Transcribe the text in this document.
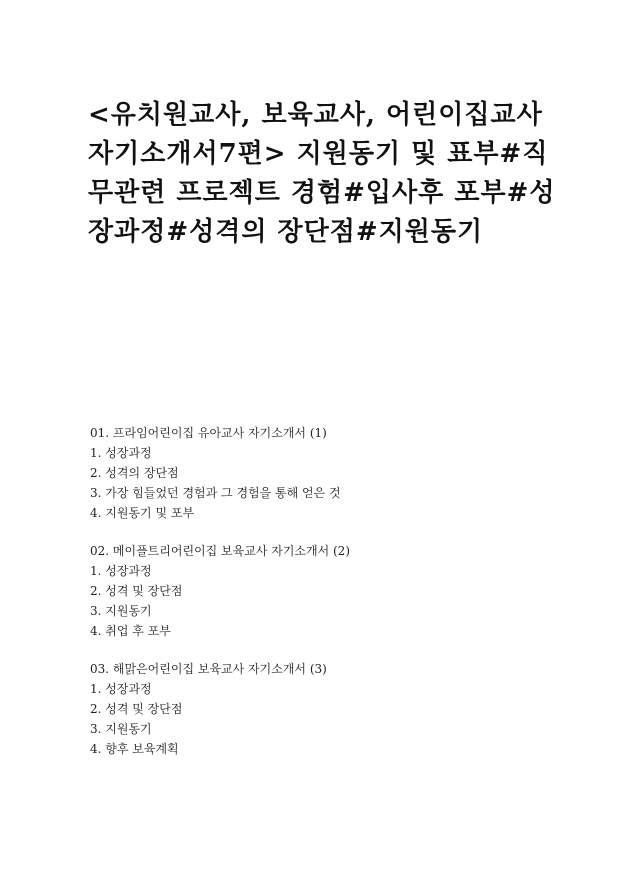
<유치원교사, 보육교사, 어린이집교사
자기소개서7편> 지원동기 및 표부#직
무관련 프로젝트 경험#입사후 포부#성
장과정#성격의 장단점#지원동기
01. 프라임어린이집 유아교사 자기소개서 (1)
1. 성장과정
2. 성격의 장단점
3. 가장 힘들었던 경험과 그 경험을 통해 얻은 것
4. 지원동기 및 포부
02. 메이플트리어린이집 보육교사 자기소개서 (2)
1. 성장과정
2. 성격 및 장단점
3. 지원동기
4. 취업 후 포부
03. 해맑은어린이집 보육교사 자기소개서 (3)
1. 성장과정
2. 성격 및 장단점
3. 지원동기
4. 향후 보육계획
